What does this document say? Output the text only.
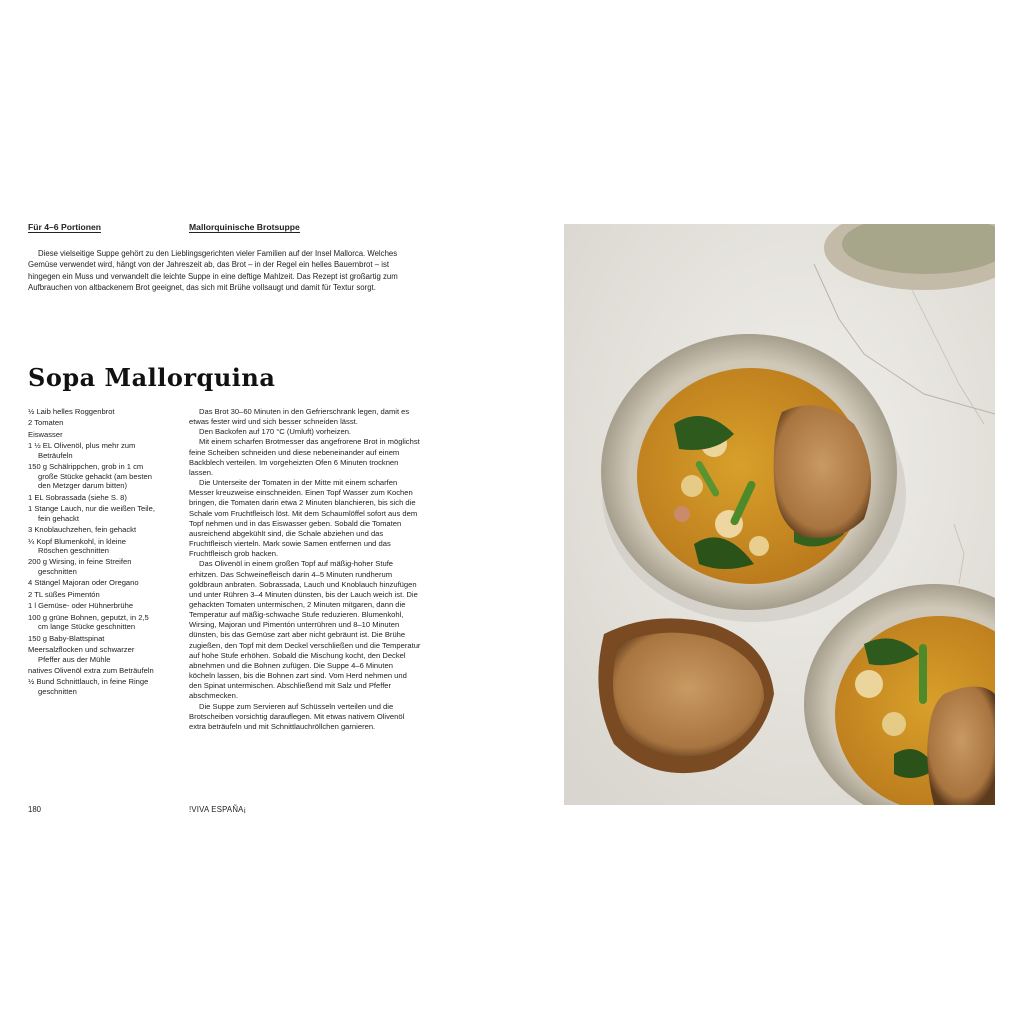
Für 4–6 Portionen	Mallorquinische Brotsuppe

Diese vielseitige Suppe gehört zu den Lieblingsgerichten vieler Familien auf der Insel Mallorca. Welches Gemüse verwendet wird, hängt von der Jahreszeit ab, das Brot – in der Regel ein helles Bauernbrot – ist hingegen ein Muss und verwandelt die leichte Suppe in eine deftige Mahlzeit. Das Rezept ist großartig zum Aufbrauchen von altbackenem Brot geeignet, das sich mit Brühe vollsaugt und damit für Textur sorgt.

Sopa Mallorquina
½ Laib helles Roggenbrot
2 Tomaten
Eiswasser
1 ½ EL Olivenöl, plus mehr zum Beträufeln
150 g Schälrippchen, grob in 1 cm große Stücke gehackt (am besten den Metzger darum bitten)
1 EL Sobrassada (siehe S. 8)
1 Stange Lauch, nur die weißen Teile, fein gehackt
3 Knoblauchzehen, fein gehackt
¼ Kopf Blumenkohl, in kleine Röschen geschnitten
200 g Wirsing, in feine Streifen geschnitten
4 Stängel Majoran oder Oregano
2 TL süßes Pimentón
1 l Gemüse- oder Hühnerbrühe
100 g grüne Bohnen, geputzt, in 2,5 cm lange Stücke geschnitten
150 g Baby-Blattspinat
Meersalzflocken und schwarzer Pfeffer aus der Mühle
natives Olivenöl extra zum Beträufeln
½ Bund Schnittlauch, in feine Ringe geschnitten

Das Brot 30–60 Minuten in den Gefrierschrank legen, damit es etwas fester wird und sich besser schneiden lässt.

Den Backofen auf 170 °C (Umluft) vorheizen.

Mit einem scharfen Brotmesser das angefrorene Brot in möglichst feine Scheiben schneiden und diese nebeneinander auf einem Backblech verteilen. Im vorgeheizten Ofen 6 Minuten trocknen lassen.

Die Unterseite der Tomaten in der Mitte mit einem scharfen Messer kreuzweise einschneiden. Einen Topf Wasser zum Kochen bringen, die Tomaten darin etwa 2 Minuten blanchieren, bis sich die Schale vom Fruchtfleisch löst. Mit dem Schaumlöffel sofort aus dem Topf nehmen und in das Eiswasser geben. Sobald die Tomaten ausreichend abgekühlt sind, die Schale abziehen und das Fruchtfleisch vierteln. Mark sowie Samen entfernen und das Fruchtfleisch grob hacken.

Das Olivenöl in einem großen Topf auf mäßig-hoher Stufe erhitzen. Das Schweinefleisch darin 4–5 Minuten rundherum goldbraun anbraten. Sobrassada, Lauch und Knoblauch hinzufügen und unter Rühren 3–4 Minuten dünsten, bis der Lauch weich ist. Die gehackten Tomaten untermischen, 2 Minuten mitgaren, dann die Temperatur auf mäßig-schwache Stufe reduzieren. Blumenkohl, Wirsing, Majoran und Pimentón unterrühren und 8–10 Minuten dünsten, bis das Gemüse zart aber nicht gebräunt ist. Die Brühe zugießen, den Topf mit dem Deckel verschließen und die Temperatur auf hohe Stufe erhöhen. Sobald die Mischung kocht, den Deckel abnehmen und die Bohnen zufügen. Die Suppe 4–6 Minuten köcheln lassen, bis die Bohnen zart sind. Vom Herd nehmen und den Spinat untermischen. Abschließend mit Salz und Pfeffer abschmecken.

Die Suppe zum Servieren auf Schüsseln verteilen und die Brotscheiben vorsichtig darauflegen. Mit etwas nativem Olivenöl extra beträufeln und mit Schnittlauchröllchen garnieren.

180	!VIVA ESPAÑA¡
